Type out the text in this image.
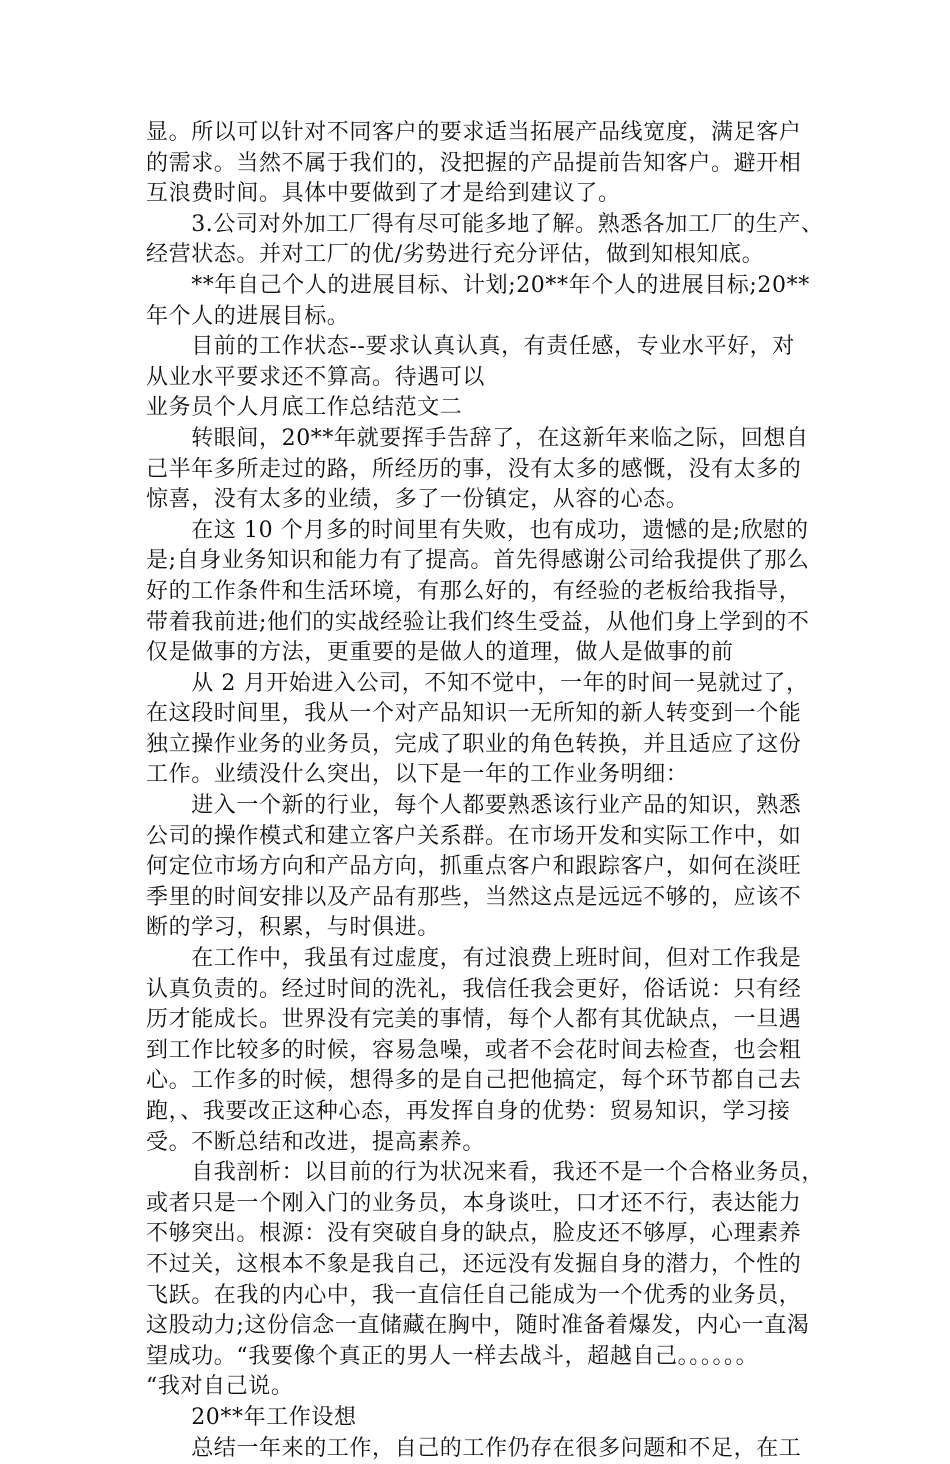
显。所以可以针对不同客户的要求适当拓展产品线宽度，满足客户
的需求。当然不属于我们的，没把握的产品提前告知客户。避开相
互浪费时间。具体中要做到了才是给到建议了。
　　3.公司对外加工厂得有尽可能多地了解。熟悉各加工厂的生产、
经营状态。并对工厂的优/劣势进行充分评估，做到知根知底。
　　**年自己个人的进展目标、计划;20**年个人的进展目标;20**
年个人的进展目标。
　　目前的工作状态--要求认真认真，有责任感，专业水平好，对
从业水平要求还不算高。待遇可以
业务员个人月底工作总结范文二
　　转眼间，20**年就要挥手告辞了，在这新年来临之际，回想自
己半年多所走过的路，所经历的事，没有太多的感慨，没有太多的
惊喜，没有太多的业绩，多了一份镇定，从容的心态。
　　在这 10 个月多的时间里有失败，也有成功，遗憾的是;欣慰的
是;自身业务知识和能力有了提高。首先得感谢公司给我提供了那么
好的工作条件和生活环境，有那么好的，有经验的老板给我指导，
带着我前进;他们的实战经验让我们终生受益，从他们身上学到的不
仅是做事的方法，更重要的是做人的道理，做人是做事的前
　　从 2 月开始进入公司，不知不觉中，一年的时间一晃就过了，
在这段时间里，我从一个对产品知识一无所知的新人转变到一个能
独立操作业务的业务员，完成了职业的角色转换，并且适应了这份
工作。业绩没什么突出，以下是一年的工作业务明细：
　　进入一个新的行业，每个人都要熟悉该行业产品的知识，熟悉
公司的操作模式和建立客户关系群。在市场开发和实际工作中，如
何定位市场方向和产品方向，抓重点客户和跟踪客户，如何在淡旺
季里的时间安排以及产品有那些，当然这点是远远不够的，应该不
断的学习，积累，与时俱进。
　　在工作中，我虽有过虚度，有过浪费上班时间，但对工作我是
认真负责的。经过时间的洗礼，我信任我会更好，俗话说：只有经
历才能成长。世界没有完美的事情，每个人都有其优缺点，一旦遇
到工作比较多的时候，容易急噪，或者不会花时间去检查，也会粗
心。工作多的时候，想得多的是自己把他搞定，每个环节都自己去
跑，、我要改正这种心态，再发挥自身的优势：贸易知识，学习接
受。不断总结和改进，提高素养。
　　自我剖析：以目前的行为状况来看，我还不是一个合格业务员，
或者只是一个刚入门的业务员，本身谈吐，口才还不行，表达能力
不够突出。根源：没有突破自身的缺点，脸皮还不够厚，心理素养
不过关，这根本不象是我自己，还远没有发掘自身的潜力，个性的
飞跃。在我的内心中，我一直信任自己能成为一个优秀的业务员，
这股动力;这份信念一直储藏在胸中，随时准备着爆发，内心一直渴
望成功。“我要像个真正的男人一样去战斗，超越自己。。。。。。
“我对自己说。
　　20**年工作设想
　　总结一年来的工作，自己的工作仍存在很多问题和不足，在工
